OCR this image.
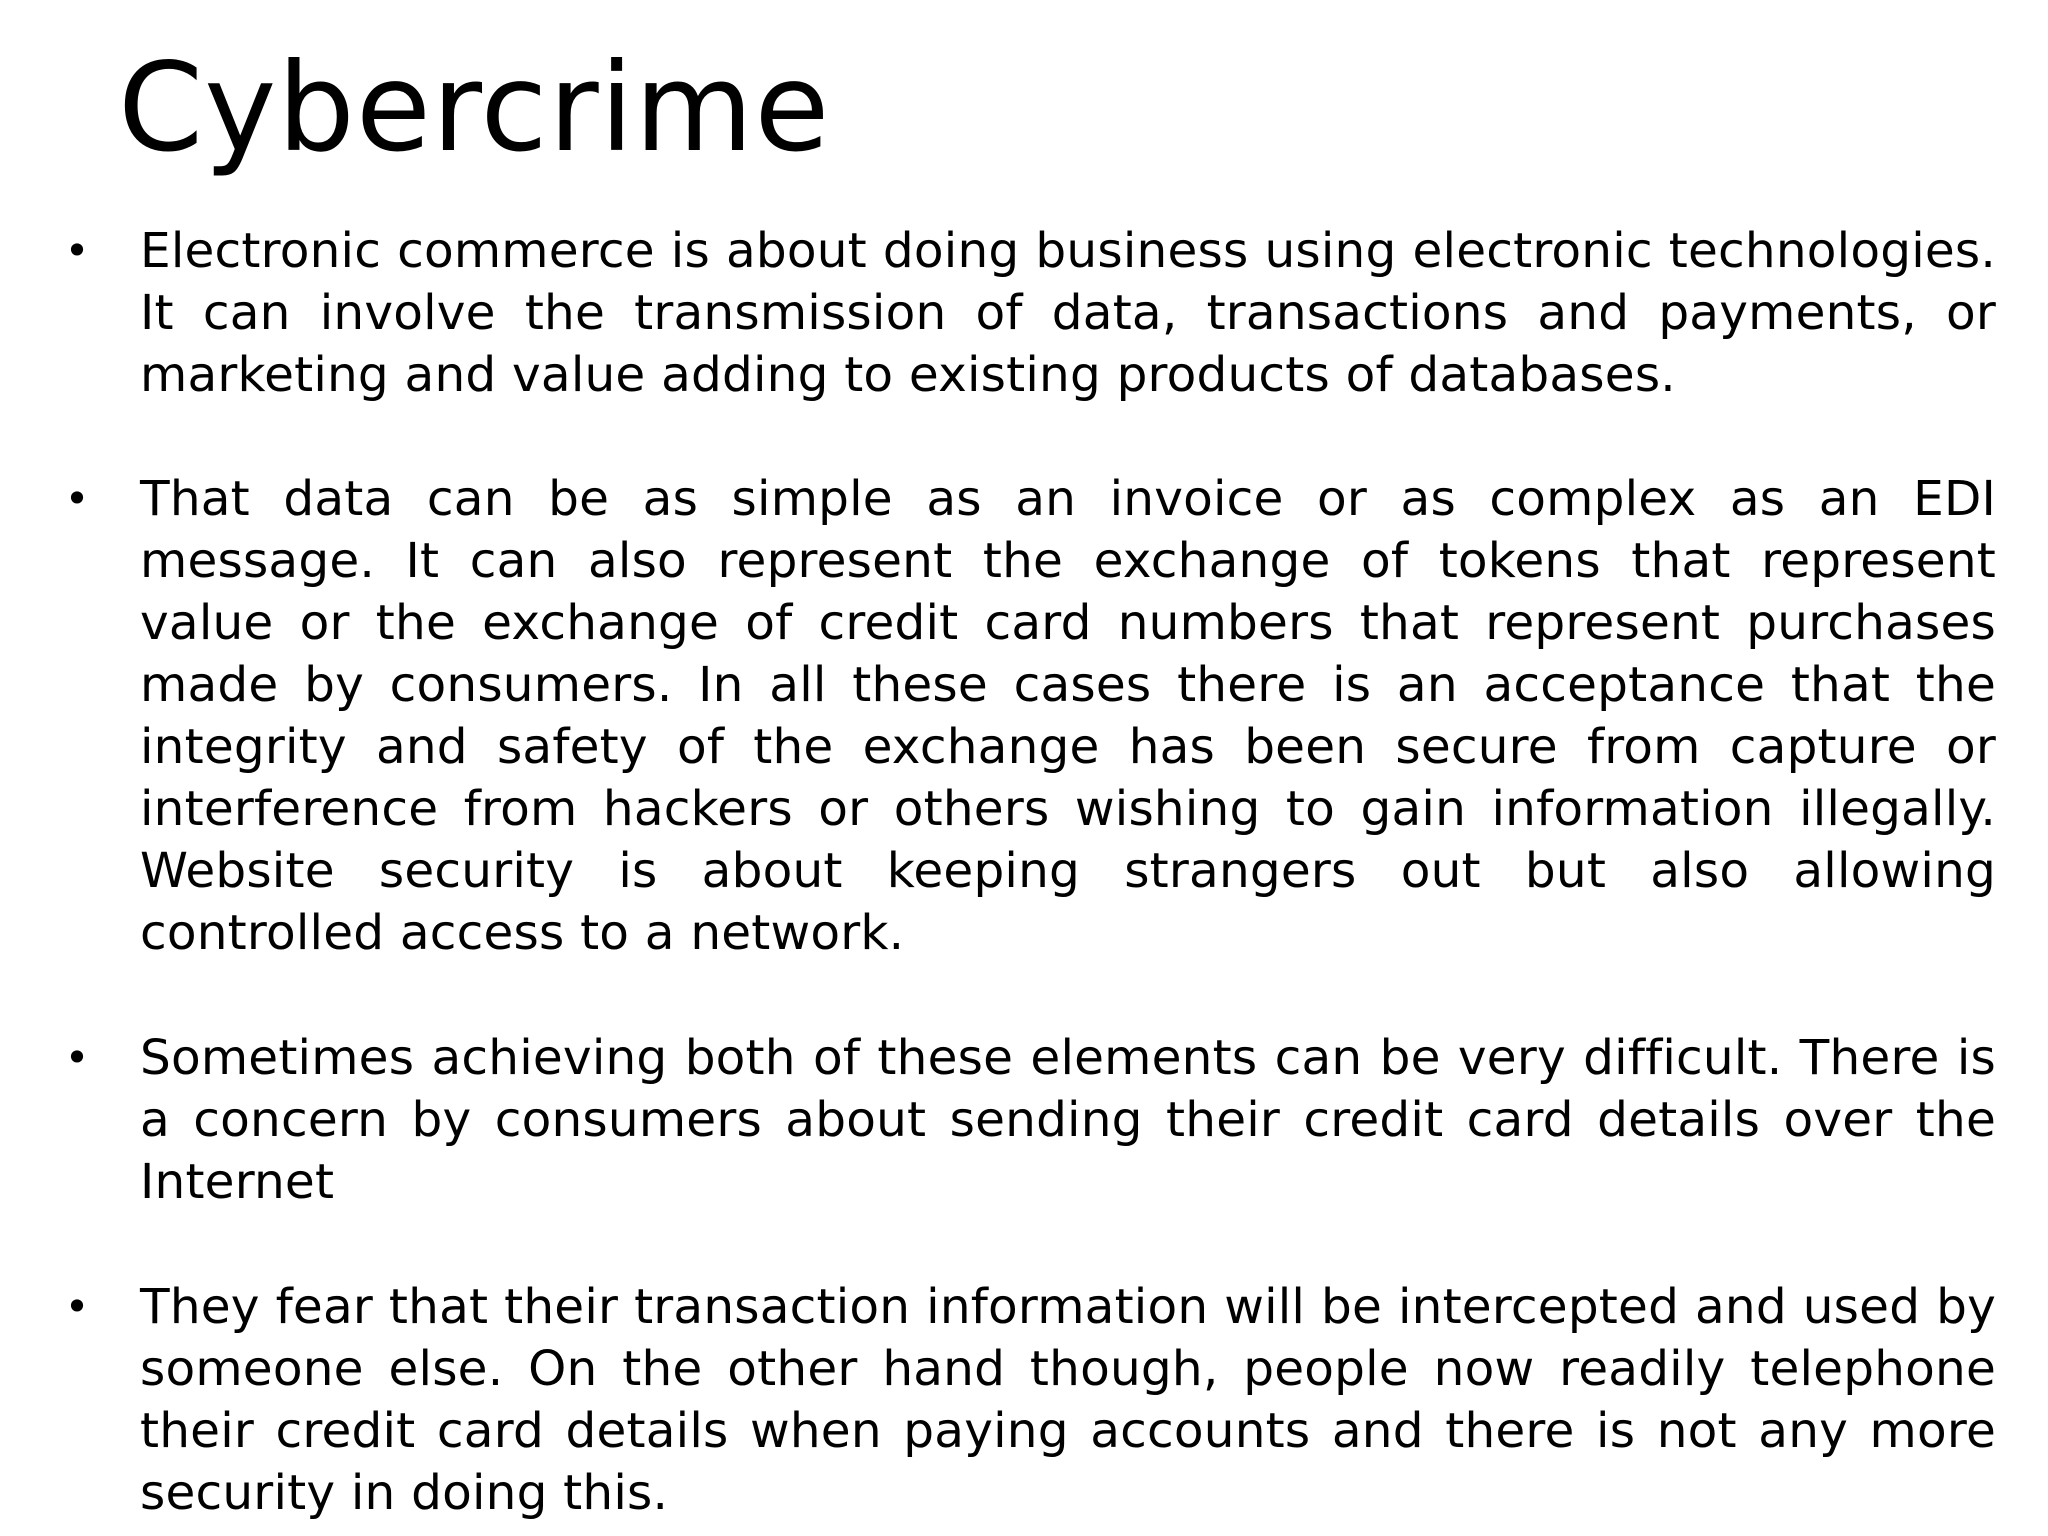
Cybercrime
• Electronic commerce is about doing business using electronic technologies. It can involve the transmission of data, transactions and payments, or marketing and value adding to existing products of databases.

• That data can be as simple as an invoice or as complex as an EDI message. It can also represent the exchange of tokens that represent value or the exchange of credit card numbers that represent purchases made by consumers. In all these cases there is an acceptance that the integrity and safety of the exchange has been secure from capture or interference from hackers or others wishing to gain information illegally. Website security is about keeping strangers out but also allowing controlled access to a network.

• Sometimes achieving both of these elements can be very difficult. There is a concern by consumers about sending their credit card details over the Internet

• They fear that their transaction information will be intercepted and used by someone else. On the other hand though, people now readily telephone their credit card details when paying accounts and there is not any more security in doing this.
